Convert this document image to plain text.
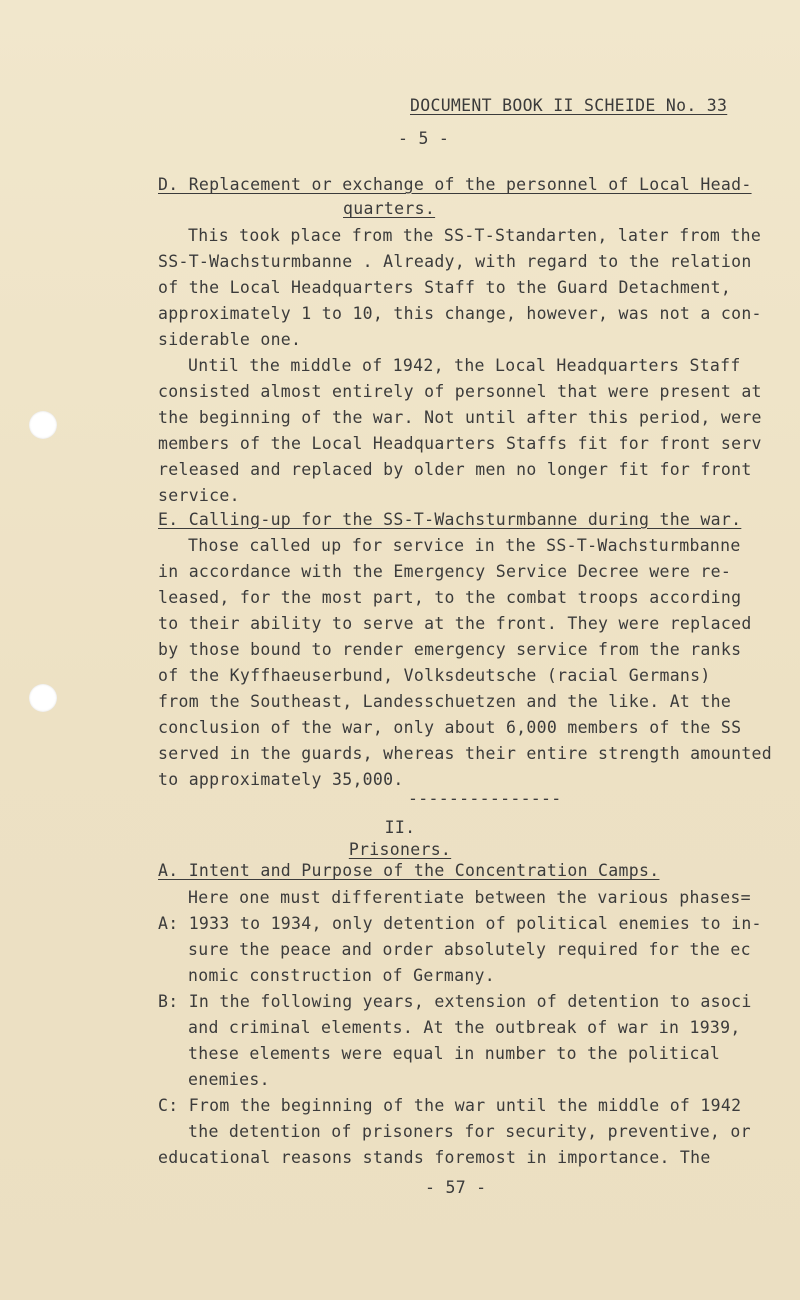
DOCUMENT BOOK II SCHEIDE No. 33
- 5 -
D. Replacement or exchange of the personnel of Local Head-
quarters.
This took place from the SS-T-Standarten, later from the
SS-T-Wachsturmbanne . Already, with regard to the relation
of the Local Headquarters Staff to the Guard Detachment,
approximately 1 to 10, this change, however, was not a con-
siderable one.
Until the middle of 1942, the Local Headquarters Staff
consisted almost entirely of personnel that were present at
the beginning of the war. Not until after this period, were
members of the Local Headquarters Staffs fit for front serv
released and replaced by older men no longer fit for front
service.
E. Calling-up for the SS-T-Wachsturmbanne during the war.
Those called up for service in the SS-T-Wachsturmbanne
in accordance with the Emergency Service Decree were re-
leased, for the most part, to the combat troops according
to their ability to serve at the front. They were replaced
by those bound to render emergency service from the ranks
of the Kyffhaeuserbund, Volksdeutsche (racial Germans)
from the Southeast, Landesschuetzen and the like. At the
conclusion of the war, only about 6,000 members of the SS
served in the guards, whereas their entire strength amounted
to approximately 35,000.
---------------
II.
Prisoners.
A. Intent and Purpose of the Concentration Camps.
Here one must differentiate between the various phases=
A: 1933 to 1934, only detention of political enemies to in-
sure the peace and order absolutely required for the ec
nomic construction of Germany.
B: In the following years, extension of detention to asoci
and criminal elements. At the outbreak of war in 1939,
these elements were equal in number to the political
enemies.
C: From the beginning of the war until the middle of 1942
the detention of prisoners for security, preventive, or
educational reasons stands foremost in importance. The
- 57 -
